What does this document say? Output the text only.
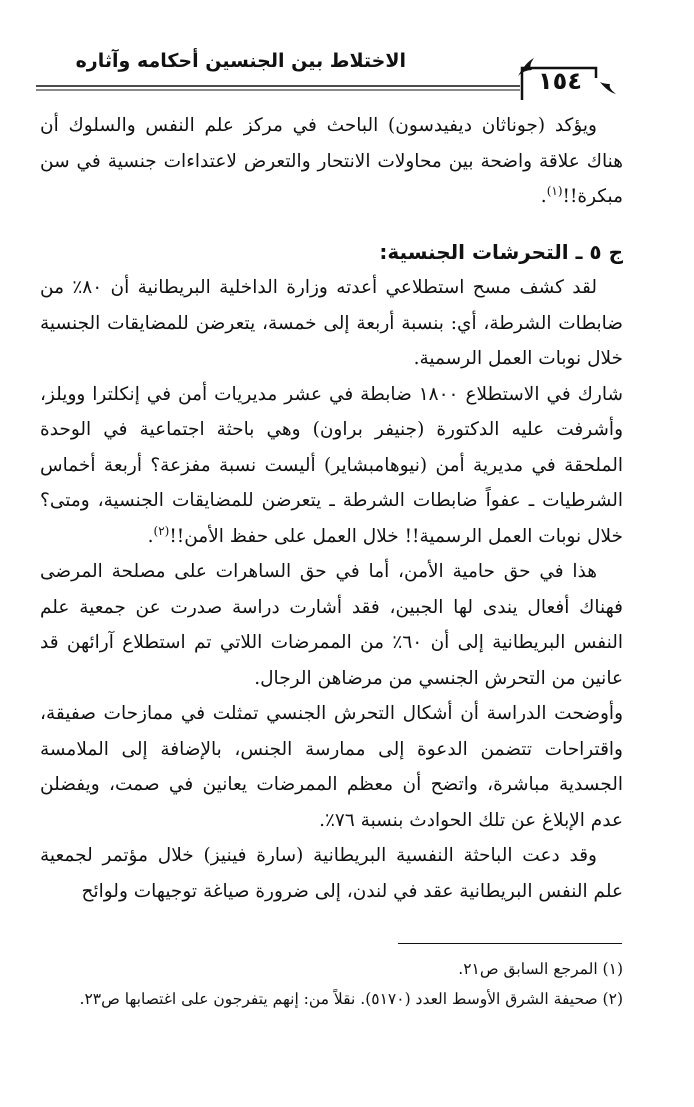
الاختلاط بين الجنسين أحكامه وآثاره
١٥٤

ويؤكد (جوناثان ديفيدسون) الباحث في مركز علم النفس والسلوك أن هناك علاقة واضحة بين محاولات الانتحار والتعرض لاعتداءات جنسية في سن مبكرة!!$^{(١)}$.

ج ٥ ـ التحرشات الجنسية:

لقد كشف مسح استطلاعي أعدته وزارة الداخلية البريطانية أن ٨٠٪ من ضابطات الشرطة، أي: بنسبة أربعة إلى خمسة، يتعرضن للمضايقات الجنسية خلال نوبات العمل الرسمية.

شارك في الاستطلاع ١٨٠٠ ضابطة في عشر مديريات أمن في إنكلترا وويلز، وأشرفت عليه الدكتورة (جنيفر براون) وهي باحثة اجتماعية في الوحدة الملحقة في مديرية أمن (نيوهامبشاير) أليست نسبة مفزعة؟ أربعة أخماس الشرطيات ـ عفواً ضابطات الشرطة ـ يتعرضن للمضايقات الجنسية، ومتى؟ خلال نوبات العمل الرسمية!! خلال العمل على حفظ الأمن!!$^{(٢)}$.

هذا في حق حامية الأمن، أما في حق الساهرات على مصلحة المرضى فهناك أفعال يندى لها الجبين، فقد أشارت دراسة صدرت عن جمعية علم النفس البريطانية إلى أن ٦٠٪ من الممرضات اللاتي تم استطلاع آرائهن قد عانين من التحرش الجنسي من مرضاهن الرجال.

وأوضحت الدراسة أن أشكال التحرش الجنسي تمثلت في ممازحات صفيقة، واقتراحات تتضمن الدعوة إلى ممارسة الجنس، بالإضافة إلى الملامسة الجسدية مباشرة، واتضح أن معظم الممرضات يعانين في صمت، ويفضلن عدم الإبلاغ عن تلك الحوادث بنسبة ٧٦٪.

وقد دعت الباحثة النفسية البريطانية (سارة فينيز) خلال مؤتمر لجمعية علم النفس البريطانية عقد في لندن، إلى ضرورة صياغة توجيهات ولوائح

(١) المرجع السابق ص٢١.

(٢) صحيفة الشرق الأوسط العدد (٥١٧٠). نقلاً من: إنهم يتفرجون على اغتصابها ص٢٣.
